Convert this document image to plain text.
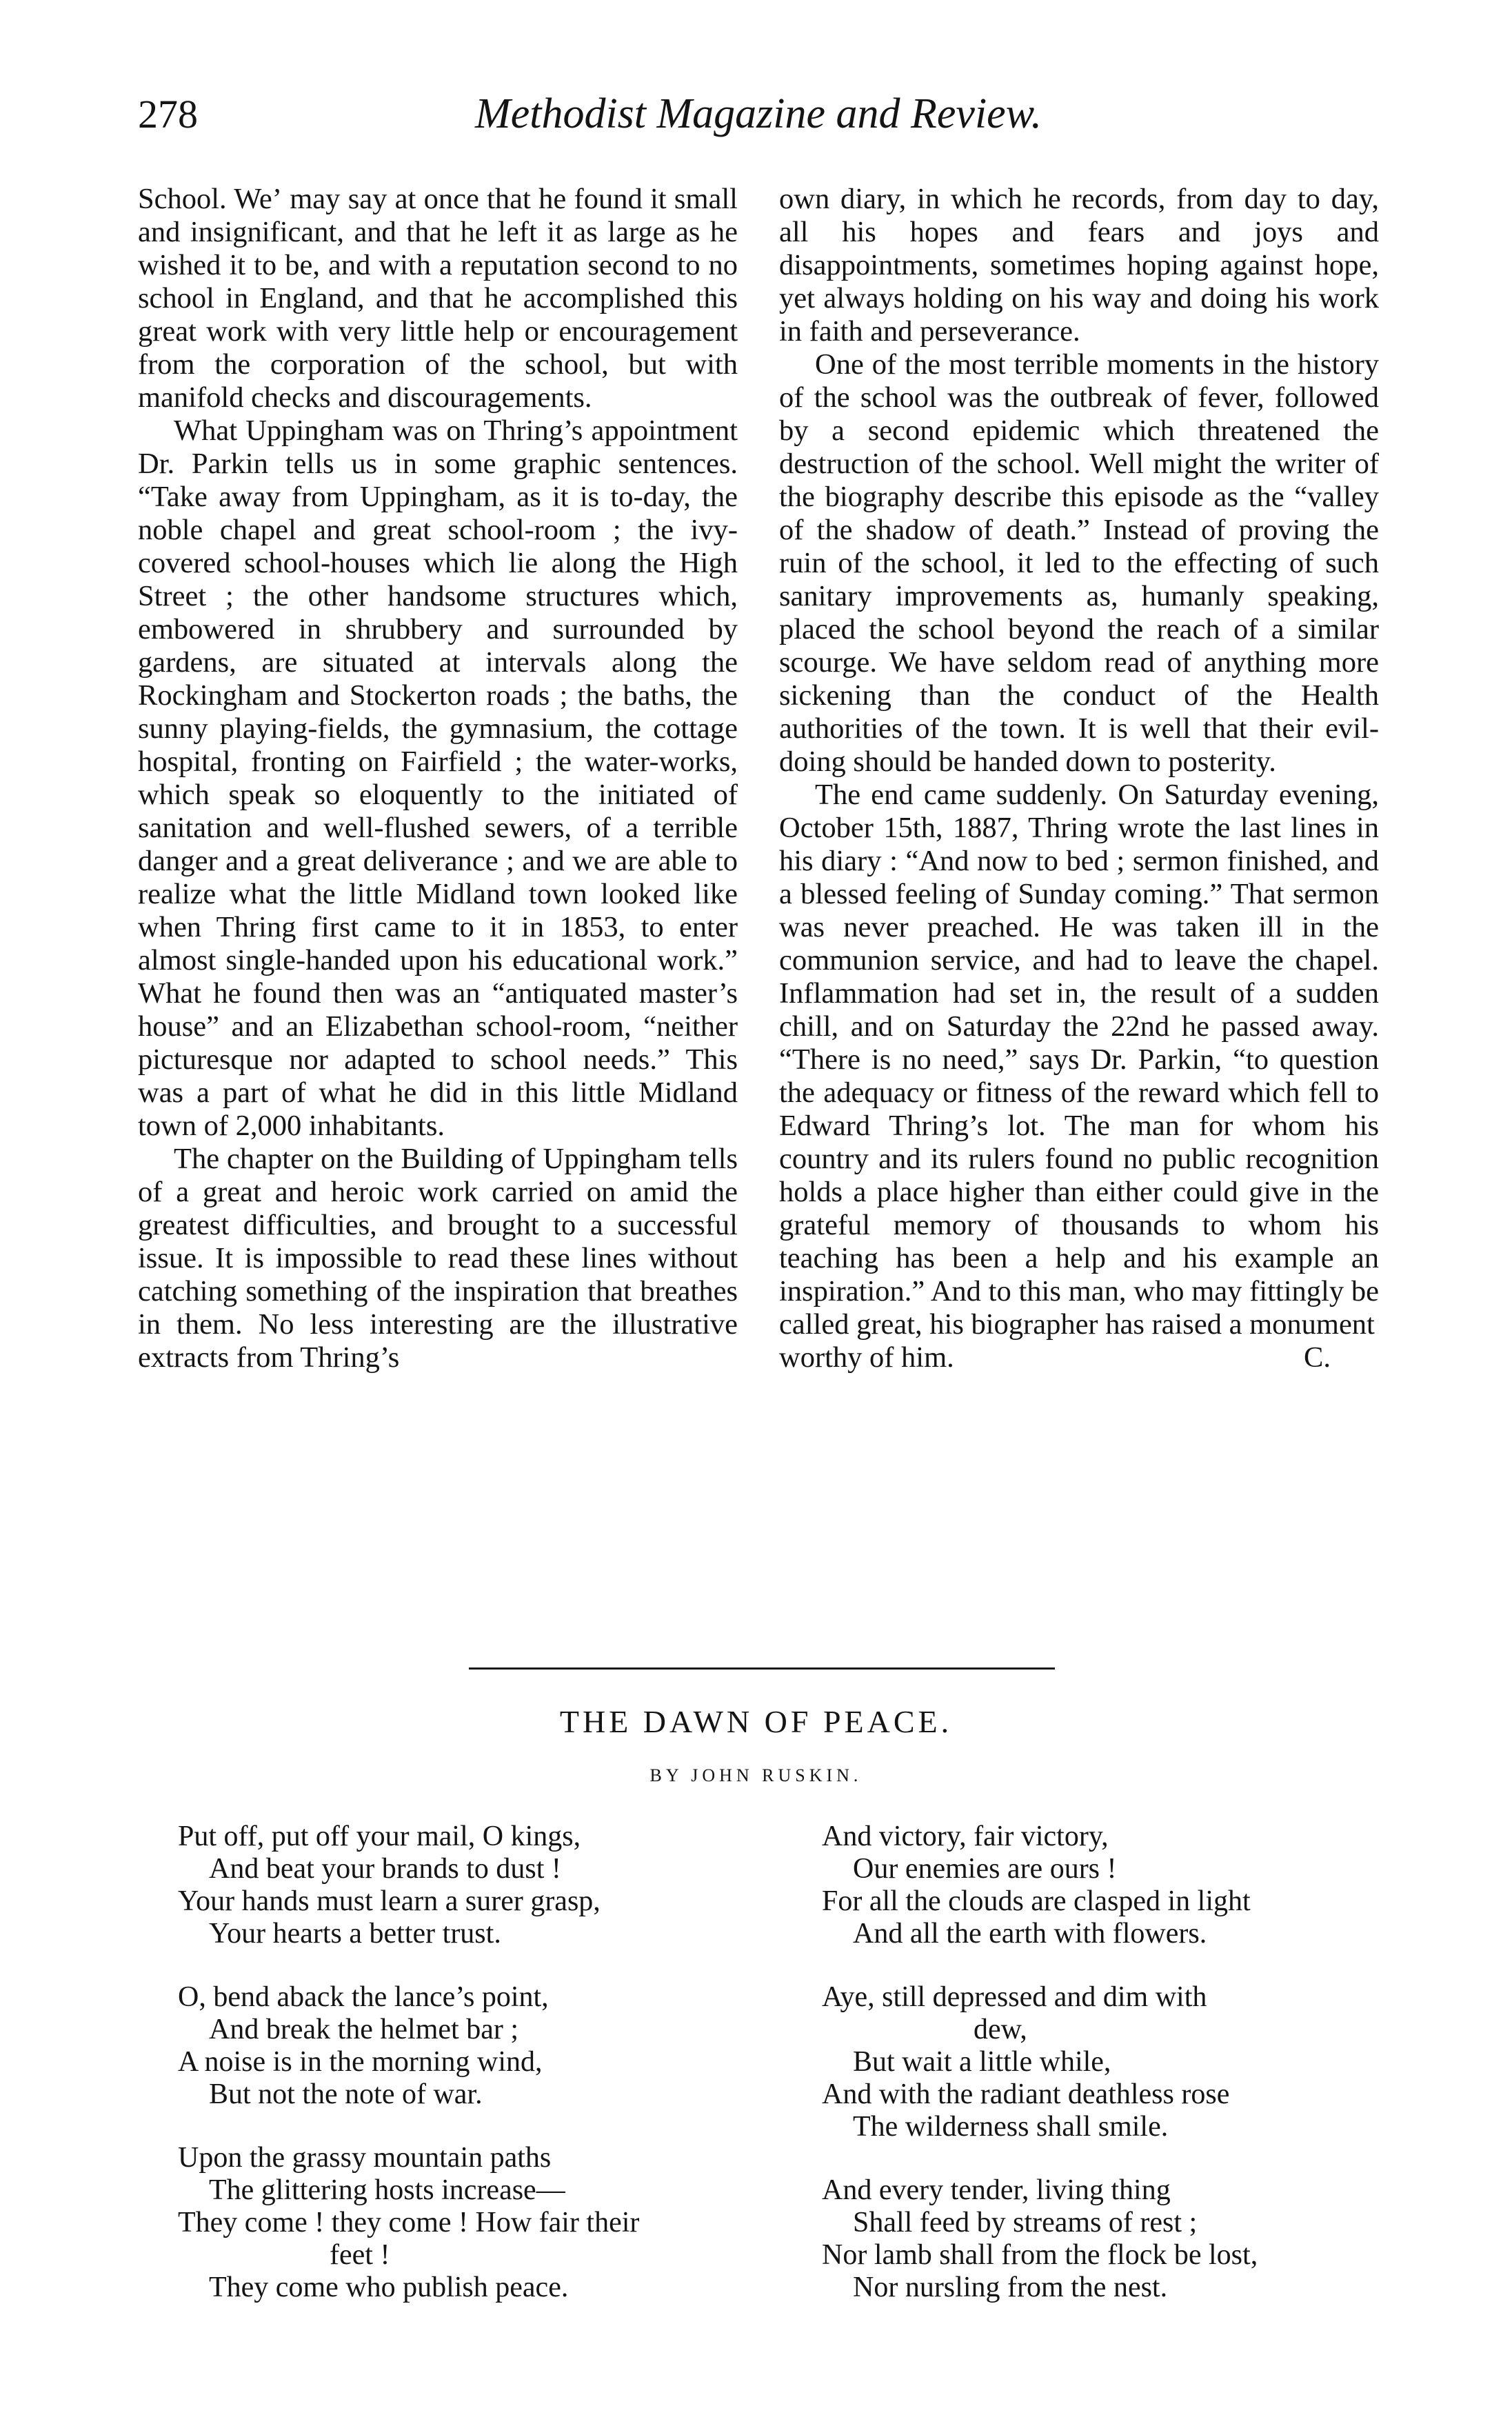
278	Methodist Magazine and Review.

School. Weʼ may say at once that he found it small and insignificant, and that he left it as large as he wished it to be, and with a reputation second to no school in England, and that he accomplished this great work with very little help or encouragement from the corporation of the school, but with manifold checks and discouragements.

What Uppingham was on Thring’s appointment Dr. Parkin tells us in some graphic sentences. “Take away from Uppingham, as it is to-day, the noble chapel and great school-room ; the ivy-covered school-houses which lie along the High Street ; the other handsome structures which, embowered in shrubbery and surrounded by gardens, are situated at intervals along the Rockingham and Stockerton roads ; the baths, the sunny playing-fields, the gymnasium, the cottage hospital, fronting on Fairfield ; the water-works, which speak so eloquently to the initiated of sanitation and well-flushed sewers, of a terrible danger and a great deliverance ; and we are able to realize what the little Midland town looked like when Thring first came to it in 1853, to enter almost single-handed upon his educational work.” What he found then was an “antiquated master’s house” and an Elizabethan school-room, “neither picturesque nor adapted to school needs.” This was a part of what he did in this little Midland town of 2,000 inhabitants.

The chapter on the Building of Uppingham tells of a great and heroic work carried on amid the greatest difficulties, and brought to a successful issue. It is impossible to read these lines without catching something of the inspiration that breathes in them. No less interesting are the illustrative extracts from Thring’s

own diary, in which he records, from day to day, all his hopes and fears and joys and disappointments, sometimes hoping against hope, yet always holding on his way and doing his work in faith and perseverance.

One of the most terrible moments in the history of the school was the outbreak of fever, followed by a second epidemic which threatened the destruction of the school. Well might the writer of the biography describe this episode as the “valley of the shadow of death.” Instead of proving the ruin of the school, it led to the effecting of such sanitary improvements as, humanly speaking, placed the school beyond the reach of a similar scourge. We have seldom read of anything more sickening than the conduct of the Health authorities of the town. It is well that their evil-doing should be handed down to posterity.

The end came suddenly. On Saturday evening, October 15th, 1887, Thring wrote the last lines in his diary : “And now to bed ; sermon finished, and a blessed feeling of Sunday coming.” That sermon was never preached. He was taken ill in the communion service, and had to leave the chapel. Inflammation had set in, the result of a sudden chill, and on Saturday the 22nd he passed away. “There is no need,” says Dr. Parkin, “to question the adequacy or fitness of the reward which fell to Edward Thring’s lot. The man for whom his country and its rulers found no public recognition holds a place higher than either could give in the grateful memory of thousands to whom his teaching has been a help and his example an inspiration.” And to this man, who may fittingly be called great, his biographer has raised a monument

worthy of him.	C.
THE DAWN OF PEACE.
BY JOHN RUSKIN.
Put off, put off your mail, O kings,
And beat your brands to dust !
Your hands must learn a surer grasp,
Your hearts a better trust.
O, bend aback the lance’s point,
And break the helmet bar ;
A noise is in the morning wind,
But not the note of war.
Upon the grassy mountain paths
The glittering hosts increase—
They come ! they come ! How fair their
feet !
They come who publish peace.
And victory, fair victory,
Our enemies are ours !
For all the clouds are clasped in light
And all the earth with flowers.
Aye, still depressed and dim with
dew,
But wait a little while,
And with the radiant deathless rose
The wilderness shall smile.
And every tender, living thing
Shall feed by streams of rest ;
Nor lamb shall from the flock be lost,
Nor nursling from the nest.
